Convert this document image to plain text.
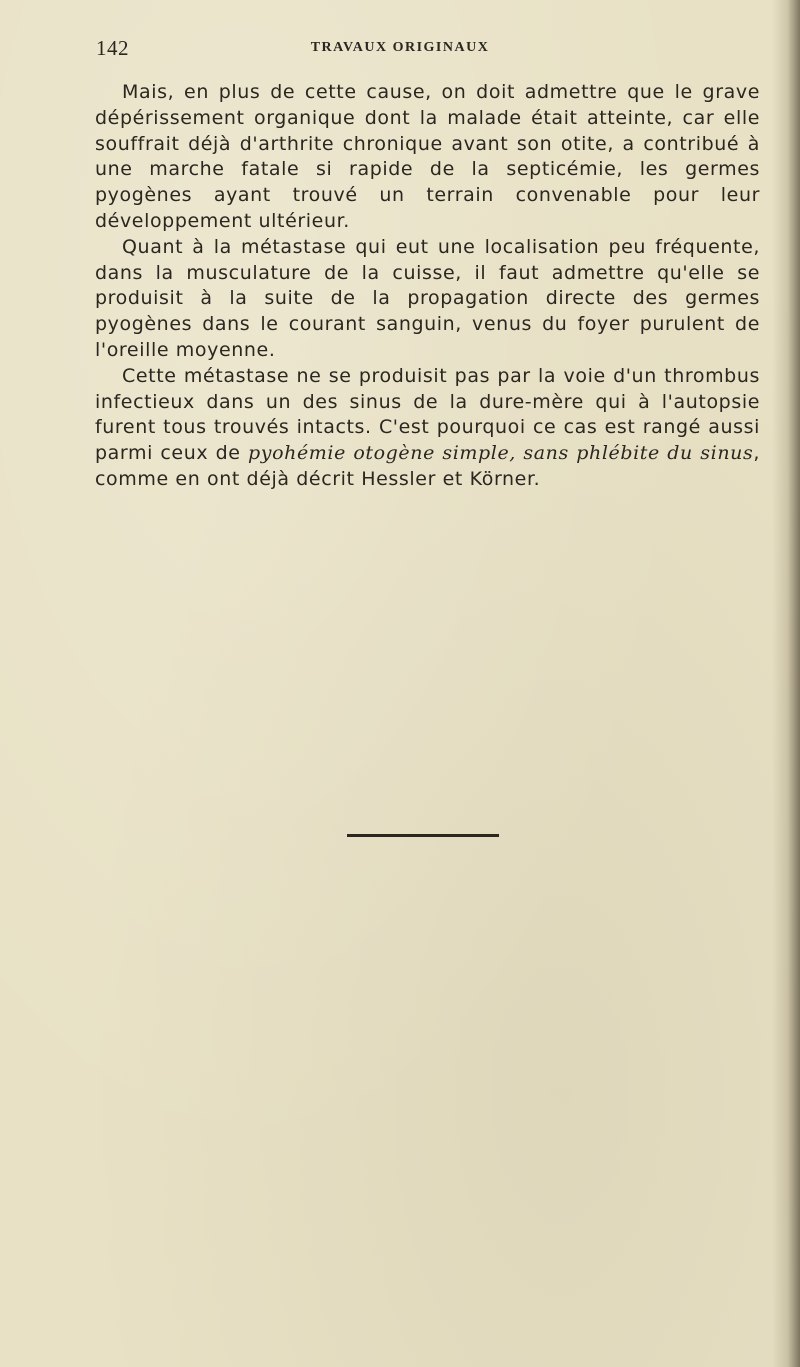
142	TRAVAUX ORIGINAUX

Mais, en plus de cette cause, on doit admettre que le grave dépérissement organique dont la malade était atteinte, car elle souffrait déjà d'arthrite chronique avant son otite, a contribué à une marche fatale si rapide de la septicémie, les germes pyogènes ayant trouvé un terrain convenable pour leur développement ultérieur.

Quant à la métastase qui eut une localisation peu fréquente, dans la musculature de la cuisse, il faut admettre qu'elle se produisit à la suite de la propagation directe des germes pyogènes dans le courant sanguin, venus du foyer purulent de l'oreille moyenne.

Cette métastase ne se produisit pas par la voie d'un thrombus infectieux dans un des sinus de la dure-mère qui à l'autopsie furent tous trouvés intacts. C'est pourquoi ce cas est rangé aussi parmi ceux de pyohémie otogène simple, sans phlébite du sinus, comme en ont déjà décrit Hessler et Körner.
